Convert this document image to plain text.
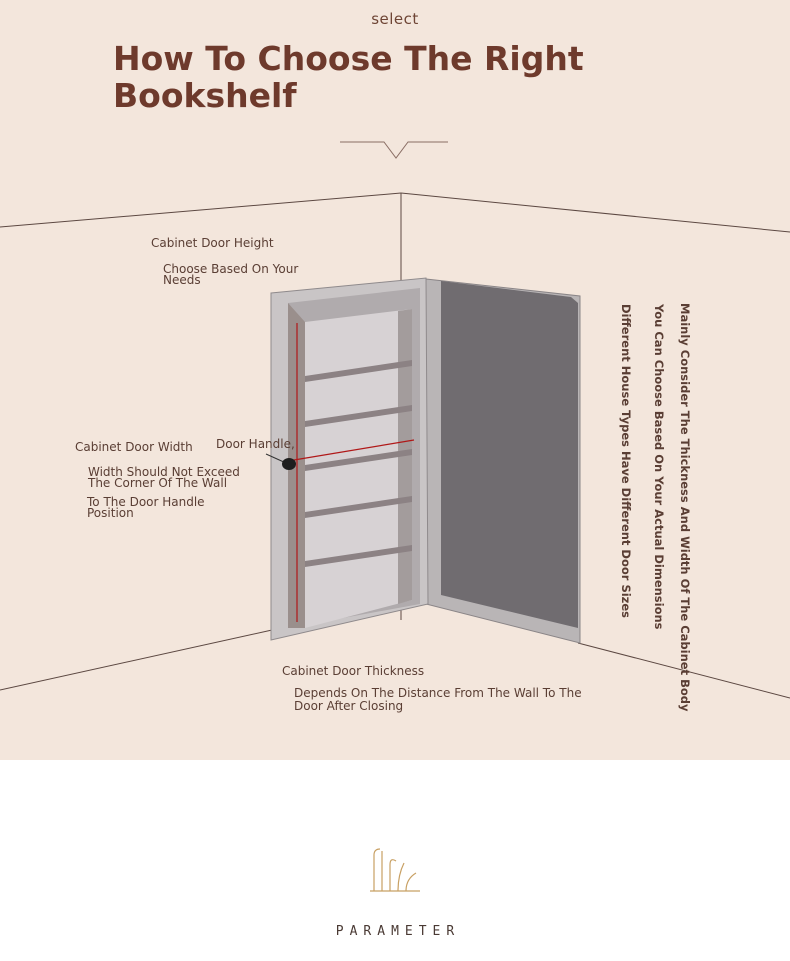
select
How To Choose The Right
Bookshelf
Cabinet Door Height
Choose Based On Your
Needs
Cabinet Door Width
Width Should Not Exceed
The Corner Of The Wall
To The Door Handle
Position
Door Handle,
Cabinet Door Thickness
Depends On The Distance From The Wall To The
Door After Closing	Mainly Consider The Thickness And Width Of The Cabinet Body
You Can Choose Based On Your Actual Dimensions
Different House Types Have Different Door Sizes
PARAMETER
